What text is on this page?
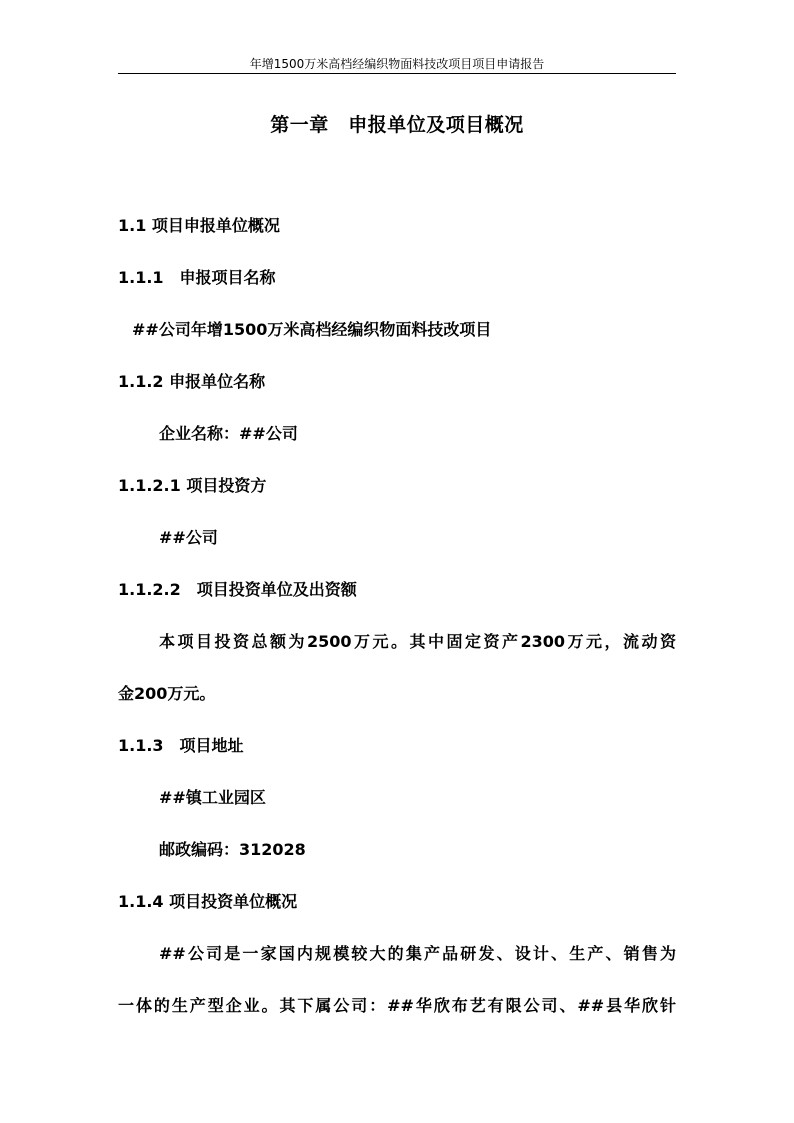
年增1500万米高档经编织物面料技改项目项目申请报告
第一章　申报单位及项目概况
1.1 项目申报单位概况
1.1.1　申报项目名称
##公司年增1500万米高档经编织物面料技改项目
1.1.2 申报单位名称
企业名称：##公司
1.1.2.1 项目投资方
##公司
1.1.2.2　项目投资单位及出资额
本项目投资总额为2500万元。其中固定资产2300万元，流动资
金200万元。
1.1.3　项目地址
##镇工业园区
邮政编码：312028
1.1.4 项目投资单位概况
##公司是一家国内规模较大的集产品研发、设计、生产、销售为
一体的生产型企业。其下属公司：##华欣布艺有限公司、##县华欣针
